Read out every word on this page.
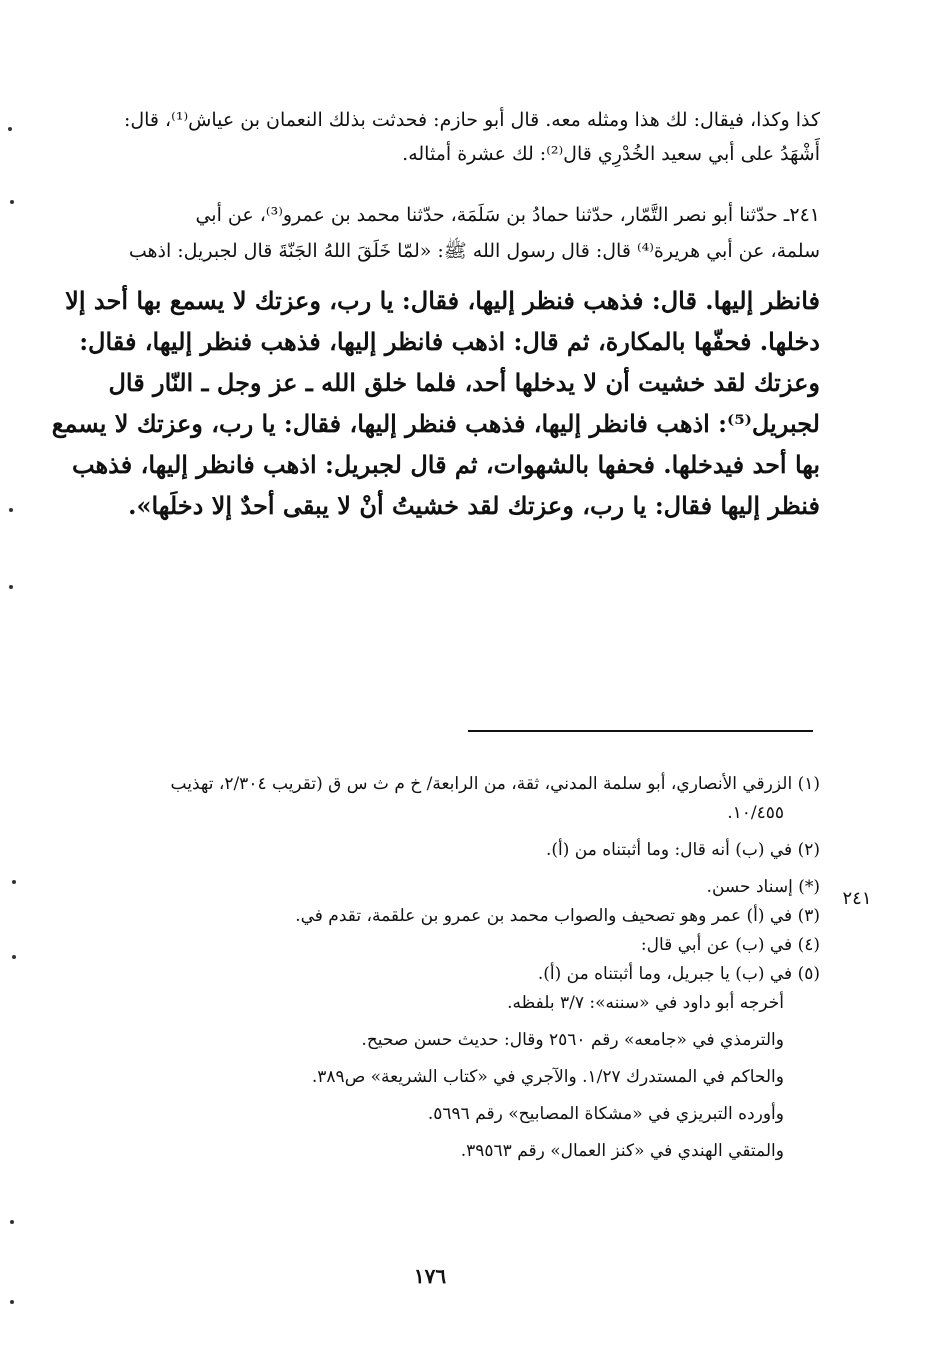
كذا وكذا، فيقال: لك هذا ومثله معه. قال أبو حازم: فحدثت بذلك النعمان بن عياش⁽¹⁾، قال:
أَشْهَدُ على أبي سعيد الخُدْرِي قال⁽²⁾: لك عشرة أمثاله.
٢٤١ـ حدّثنا أبو نصر التَّمّار، حدّثنا حمادُ بن سَلَمَة، حدّثنا محمد بن عمرو⁽³⁾، عن أبي
سلمة، عن أبي هريرة⁽⁴⁾ قال: قال رسول الله ﷺ: «لمّا خَلَقَ اللهُ الجَنّةَ قال لجبريل: اذهب
فانظر إليها. قال: فذهب فنظر إليها، فقال: يا رب، وعزتك لا يسمع بها أحد إلا
دخلها. فحفّها بالمكارة، ثم قال: اذهب فانظر إليها، فذهب فنظر إليها، فقال:
وعزتك لقد خشيت أن لا يدخلها أحد، فلما خلق الله ـ عز وجل ـ النّار قال
لجبريل⁽⁵⁾: اذهب فانظر إليها، فذهب فنظر إليها، فقال: يا رب، وعزتك لا يسمع
بها أحد فيدخلها. فحفها بالشهوات، ثم قال لجبريل: اذهب فانظر إليها، فذهب
فنظر إليها فقال: يا رب، وعزتك لقد خشيتُ أنْ لا يبقى أحدٌ إلا دخلَها».
(١) الزرقي الأنصاري، أبو سلمة المدني، ثقة، من الرابعة/ خ م ث س ق (تقريب ٢/٣٠٤، تهذيب
١٠/٤٥٥.
(٢) في (ب) أنه قال: وما أثبتناه من (أ).
(*) إسناد حسن.
(٣) في (أ) عمر وهو تصحيف والصواب محمد بن عمرو بن علقمة، تقدم في.
(٤) في (ب) عن أبي قال:
(٥) في (ب) يا جبريل، وما أثبتناه من (أ).
أخرجه أبو داود في «سننه»: ٣/٧ بلفظه.
والترمذي في «جامعه» رقم ٢٥٦٠ وقال: حديث حسن صحيح.
والحاكم في المستدرك ١/٢٧. والآجري في «كتاب الشريعة» ص٣٨٩.
وأورده التبريزي في «مشكاة المصابيح» رقم ٥٦٩٦.
والمتقي الهندي في «كنز العمال» رقم ٣٩٥٦٣.
٢٤١
١٧٦
